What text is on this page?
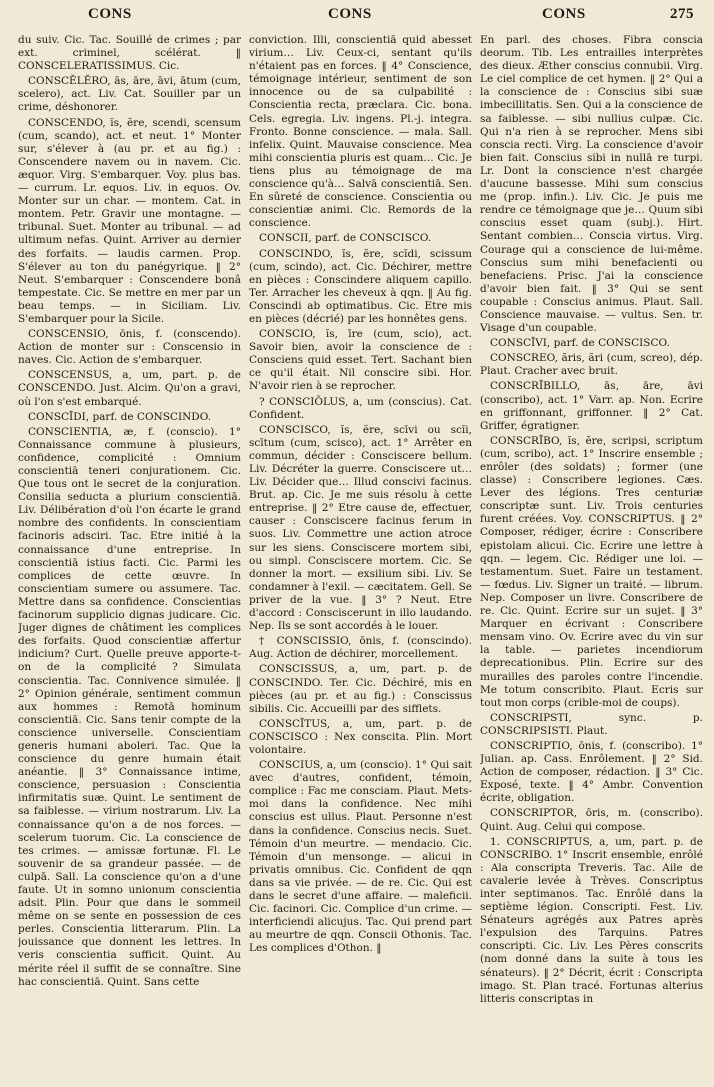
CONS	CONS	CONS	275

du suiv. Cic. Tac. Souillé de crimes ; par ext. criminel, scélérat. ‖ CONSCELERATISSIMUS. Cic.

CONSCĔLĔRO, ās, āre, āvi, ātum (cum, scelero), act. Liv. Cat. Souiller par un crime, déshonorer.

CONSCENDO, ĭs, ĕre, scendi, scensum (cum, scando), act. et neut. 1° Monter sur, s'élever à (au pr. et au fig.) : Conscendere navem ou in navem. Cic. æquor. Virg. S'embarquer. Voy. plus bas. — currum. Lr. equos. Liv. in equos. Ov. Monter sur un char. — montem. Cat. in montem. Petr. Gravir une montagne. — tribunal. Suet. Monter au tribunal. — ad ultimum nefas. Quint. Arriver au dernier des forfaits. — laudis carmen. Prop. S'élever au ton du panégyrique. ‖ 2° Neut. S'embarquer : Conscendere bonâ tempestate. Cic. Se mettre en mer par un beau temps. — in Siciliam. Liv. S'embarquer pour la Sicile.

CONSCENSIO, ōnis, f. (conscendo). Action de monter sur : Conscensio in naves. Cic. Action de s'embarquer.

CONSCENSUS, a, um, part. p. de CONSCENDO. Just. Alcim. Qu'on a gravi, où l'on s'est embarqué.

CONSCĪDI, parf. de CONSCINDO.

CONSCIENTIA, æ, f. (conscio). 1° Connaissance commune à plusieurs, confidence, complicité : Omnium conscientiā teneri conjurationem. Cic. Que tous ont le secret de la conjuration. Consilia seducta a plurium conscientiā. Liv. Délibération d'où l'on écarte le grand nombre des confidents. In conscientiam facinoris adsciri. Tac. Etre initié à la connaissance d'une entreprise. In conscientiā istius facti. Cic. Parmi les complices de cette œuvre. In conscientiam sumere ou assumere. Tac. Mettre dans sa confidence. Conscientias facinorum supplicio dignas judicare. Cic. Juger dignes de châtiment les complices des forfaits. Quod conscientiæ affertur indicium? Curt. Quelle preuve apporte-t-on de la complicité ? Simulata conscientia. Tac. Connivence simulée. ‖ 2° Opinion générale, sentiment commun aux hommes : Remotā hominum conscientiā. Cic. Sans tenir compte de la conscience universelle. Conscientiam generis humani aboleri. Tac. Que la conscience du genre humain était anéantie. ‖ 3° Connaissance intime, conscience, persuasion : Conscientia infirmitatis suæ. Quint. Le sentiment de sa faiblesse. — virium nostrarum. Liv. La connaissance qu'on a de nos forces. — scelerum tuorum. Cic. La conscience de tes crimes. — amissæ fortunæ. Fl. Le souvenir de sa grandeur passée. — de culpā. Sall. La conscience qu'on a d'une faute. Ut in somno unionum conscientia adsit. Plin. Pour que dans le sommeil même on se sente en possession de ces perles. Conscientia litterarum. Plin. La jouissance que donnent les lettres. In veris conscientia sufficit. Quint. Au mérite réel il suffit de se connaître. Sine hac conscientiā. Quint. Sans cette

conviction. Illi, conscientiā quid abesset virium… Liv. Ceux-ci, sentant qu'ils n'étaient pas en forces. ‖ 4° Conscience, témoignage intérieur, sentiment de son innocence ou de sa culpabilité : Conscientia recta, præclara. Cic. bona. Cels. egregia. Liv. ingens. Pl.-j. integra. Fronto. Bonne conscience. — mala. Sall. infelix. Quint. Mauvaise conscience. Mea mihi conscientia pluris est quam… Cic. Je tiens plus au témoignage de ma conscience qu'à… Salvā conscientiā. Sen. En sûreté de conscience. Conscientia ou conscientiæ animi. Cic. Remords de la conscience.

CONSCII, parf. de CONSCISCO.

CONSCINDO, ĭs, ĕre, scĭdi, scissum (cum, scindo), act. Cic. Déchirer, mettre en pièces : Conscindere aliquem capillo. Ter. Arracher les cheveux à qqn. ‖ Au fig. Conscindi ab optimatibus. Cic. Etre mis en pièces (décrié) par les honnêtes gens.

CONSCIO, ĭs, īre (cum, scio), act. Savoir bien, avoir la conscience de : Consciens quid esset. Tert. Sachant bien ce qu'il était. Nil conscire sibi. Hor. N'avoir rien à se reprocher.

? CONSCIŎLUS, a, um (conscius). Cat. Confident.

CONSCISCO, ĭs, ĕre, scīvi ou scĭi, scītum (cum, scisco), act. 1° Arrêter en commun, décider : Consciscere bellum. Liv. Décréter la guerre. Consciscere ut… Liv. Décider que… Illud conscivi facinus. Brut. ap. Cic. Je me suis résolu à cette entreprise. ‖ 2° Etre cause de, effectuer, causer : Consciscere facinus ferum in suos. Liv. Commettre une action atroce sur les siens. Consciscere mortem sibi, ou simpl. Consciscere mortem. Cic. Se donner la mort. — exsilium sibi. Liv. Se condamner à l'exil. — cæcitatem. Gell. Se priver de la vue. ‖ 3° ? Neut. Etre d'accord : Consciscerunt in illo laudando. Nep. Ils se sont accordés à le louer.

† CONSCISSIO, ōnis, f. (conscindo). Aug. Action de déchirer, morcellement.

CONSCISSUS, a, um, part. p. de CONSCINDO. Ter. Cic. Déchiré, mis en pièces (au pr. et au fig.) : Conscissus sibilis. Cic. Accueilli par des sifflets.

CONSCĪTUS, a, um, part. p. de CONSCISCO : Nex conscita. Plin. Mort volontaire.

CONSCIUS, a, um (conscio). 1° Qui sait avec d'autres, confident, témoin, complice : Fac me consciam. Plaut. Mets-moi dans la confidence. Nec mihi conscius est ullus. Plaut. Personne n'est dans la confidence. Conscius necis. Suet. Témoin d'un meurtre. — mendacio. Cic. Témoin d'un mensonge. — alicui in privatis omnibus. Cic. Confident de qqn dans sa vie privée. — de re. Cic. Qui est dans le secret d'une affaire. — maleficii. Cic. facinori. Cic. Complice d'un crime. — interficiendi alicujus. Tac. Qui prend part au meurtre de qqn. Conscii Othonis. Tac. Les complices d'Othon. ‖

En parl. des choses. Fibra conscia deorum. Tib. Les entrailles interprètes des dieux. Æther conscius connubii. Virg. Le ciel complice de cet hymen. ‖ 2° Qui a la conscience de : Conscius sibi suæ imbecillitatis. Sen. Qui a la conscience de sa faiblesse. — sibi nullius culpæ. Cic. Qui n'a rien à se reprocher. Mens sibi conscia recti. Virg. La conscience d'avoir bien fait. Conscius sibi in nullā re turpi. Lr. Dont la conscience n'est chargée d'aucune bassesse. Mihi sum conscius me (prop. infin.). Liv. Cic. Je puis me rendre ce témoignage que je… Quum sibi conscius esset quam (subj.). Hirt. Sentant combien… Conscia virtus. Virg. Courage qui a conscience de lui-même. Conscius sum mihi benefacienti ou benefaciens. Prisc. J'ai la conscience d'avoir bien fait. ‖ 3° Qui se sent coupable : Conscius animus. Plaut. Sall. Conscience mauvaise. — vultus. Sen. tr. Visage d'un coupable.

CONSCĪVI, parf. de CONSCISCO.

CONSCREO, ăris, ări (cum, screo), dép. Plaut. Cracher avec bruit.

CONSCRĪBILLO, ās, āre, āvi (conscribo), act. 1° Varr. ap. Non. Ecrire en griffonnant, griffonner. ‖ 2° Cat. Griffer, égratigner.

CONSCRĪBO, ĭs, ĕre, scripsi, scriptum (cum, scribo), act. 1° Inscrire ensemble ; enrôler (des soldats) ; former (une classe) : Conscribere legiones. Cæs. Lever des légions. Tres centuriæ conscriptæ sunt. Liv. Trois centuries furent créées. Voy. CONSCRIPTUS. ‖ 2° Composer, rédiger, écrire : Conscribere epistolam alicui. Cic. Ecrire une lettre à qqn. — legem. Cic. Rédiger une loi. — testamentum. Suet. Faire un testament. — fœdus. Liv. Signer un traité. — librum. Nep. Composer un livre. Conscribere de re. Cic. Quint. Ecrire sur un sujet. ‖ 3° Marquer en écrivant : Conscribere mensam vino. Ov. Ecrire avec du vin sur la table. — parietes incendiorum deprecationibus. Plin. Ecrire sur des murailles des paroles contre l'incendie. Me totum conscribito. Plaut. Ecris sur tout mon corps (crible-moi de coups).

CONSCRIPSTI, sync. p. CONSCRIPSISTI. Plaut.

CONSCRIPTIO, ōnis, f. (conscribo). 1° Julian. ap. Cass. Enrôlement. ‖ 2° Sid. Action de composer, rédaction. ‖ 3° Cic. Exposé, texte. ‖ 4° Ambr. Convention écrite, obligation.

CONSCRIPTOR, ōris, m. (conscribo). Quint. Aug. Celui qui compose.

1. CONSCRIPTUS, a, um, part. p. de CONSCRIBO. 1° Inscrit ensemble, enrôlé : Ala conscripta Treveris. Tac. Aile de cavalerie levée à Trèves. Conscriptus inter septimanos. Tac. Enrôlé dans la septième légion. Conscripti. Fest. Liv. Sénateurs agrégés aux Patres après l'expulsion des Tarquins. Patres conscripti. Cic. Liv. Les Pères conscrits (nom donné dans la suite à tous les sénateurs). ‖ 2° Décrit, écrit : Conscripta imago. St. Plan tracé. Fortunas alterius litteris conscriptas in
